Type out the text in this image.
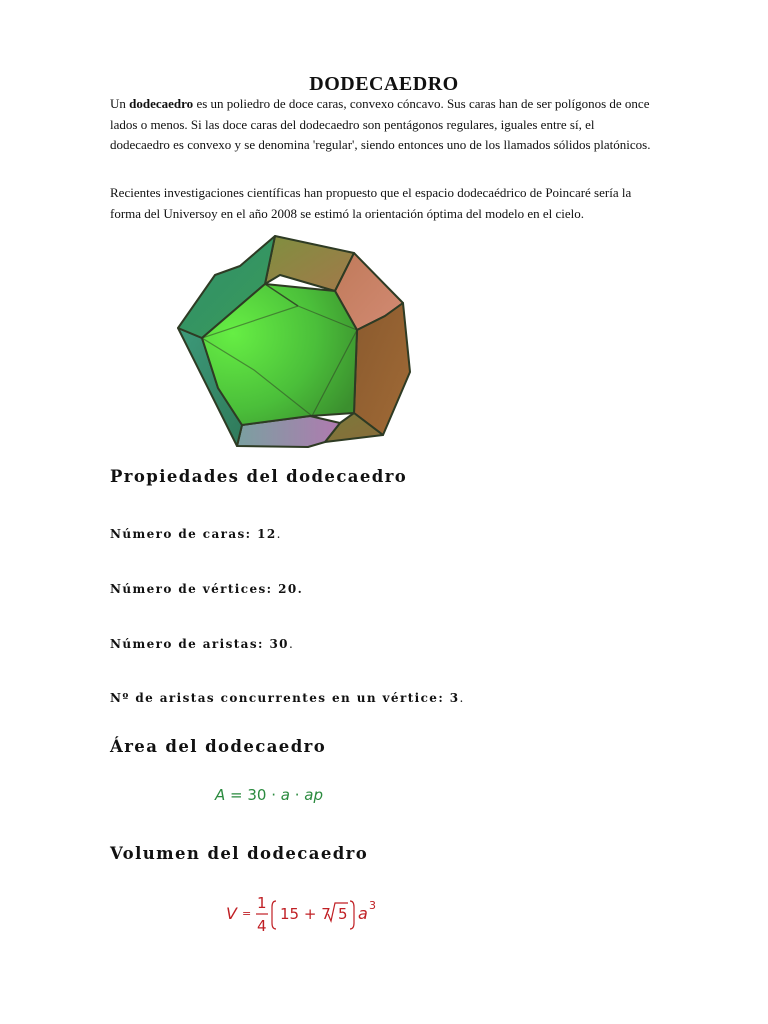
DODECAEDRO

Un dodecaedro es un poliedro de doce caras, convexo cóncavo. Sus caras han de ser polígonos de once lados o menos. Si las doce caras del dodecaedro son pentágonos regulares, iguales entre sí, el dodecaedro es convexo y se denomina 'regular', siendo entonces uno de los llamados sólidos platónicos.

Recientes investigaciones científicas han propuesto que el espacio dodecaédrico de Poincaré sería la forma del Universoy en el año 2008 se estimó la orientación óptima del modelo en el cielo.

Propiedades del dodecaedro

Número de caras: 12.

Número de vértices: 20.

Número de aristas: 30.

Nº de aristas concurrentes en un vértice: 3.

Área del dodecaedro
A = 30 · a · ap
Volumen del dodecaedro
V =
1
4
15 + 7 5 a 3
